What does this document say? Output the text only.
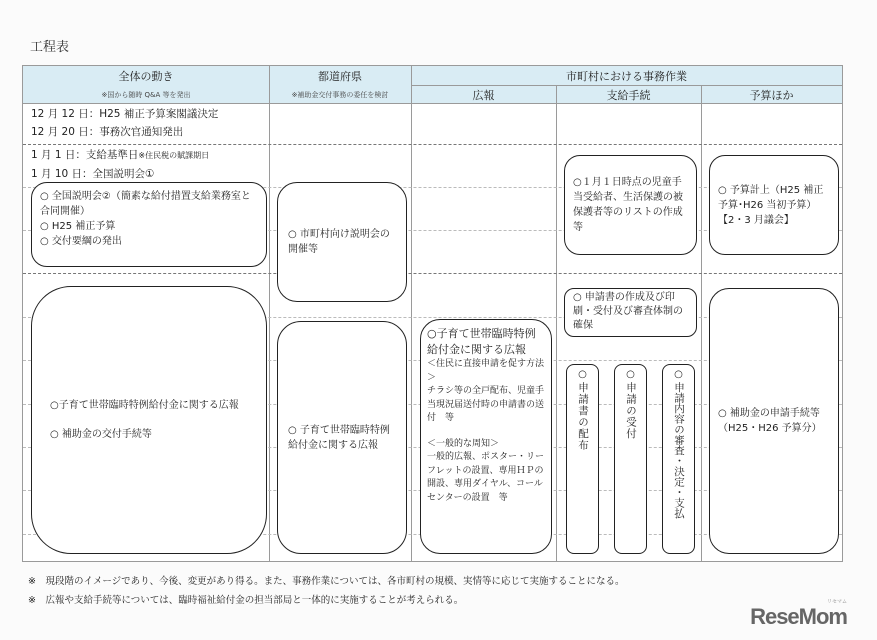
工程表
全体の動き
※国から随時 Q&A 等を発出
都道府県
※補助金交付事務の委任を検討
市町村における事務作業
広報	支給手続	予算ほか
12 月 12 日：H25 補正予算案閣議決定
12 月 20 日：事務次官通知発出
1 月 1 日：支給基準日※住民税の賦課期日
1 月 10 日：全国説明会①
○ 全国説明会②（簡素な給付措置支給業務室と合同開催）
○ H25 補正予算
○ 交付要綱の発出
○子育て世帯臨時特例給付金に関する広報
○ 補助金の交付手続等
○ 市町村向け説明会の開催等
○ 子育て世帯臨時特例給付金に関する広報
○子育て世帯臨時特例給付金に関する広報
＜住民に直接申請を促す方法＞
チラシ等の全戸配布、児童手当現況届送付時の申請書の送付　等
＜一般的な周知＞
一般的広報、ポスター・リーフレットの設置、専用ＨＰの開設、専用ダイヤル、コールセンターの設置　等
○１月１日時点の児童手当受給者、生活保護の被保護者等のリストの作成等
○ 申請書の作成及び印刷・受付及び審査体制の確保
○
申請書の配布
○
申請の受付
○
申請内容の審査・決定・支払
○ 予算計上（H25 補正予算･H26 当初予算）【2・3 月議会】
○ 補助金の申請手続等（H25・H26 予算分）
※　現段階のイメージであり、今後、変更があり得る。また、事務作業については、各市町村の規模、実情等に応じて実施することになる。
※　広報や支給手続等については、臨時福祉給付金の担当部局と一体的に実施することが考えられる。
ReseMom
リセマム
